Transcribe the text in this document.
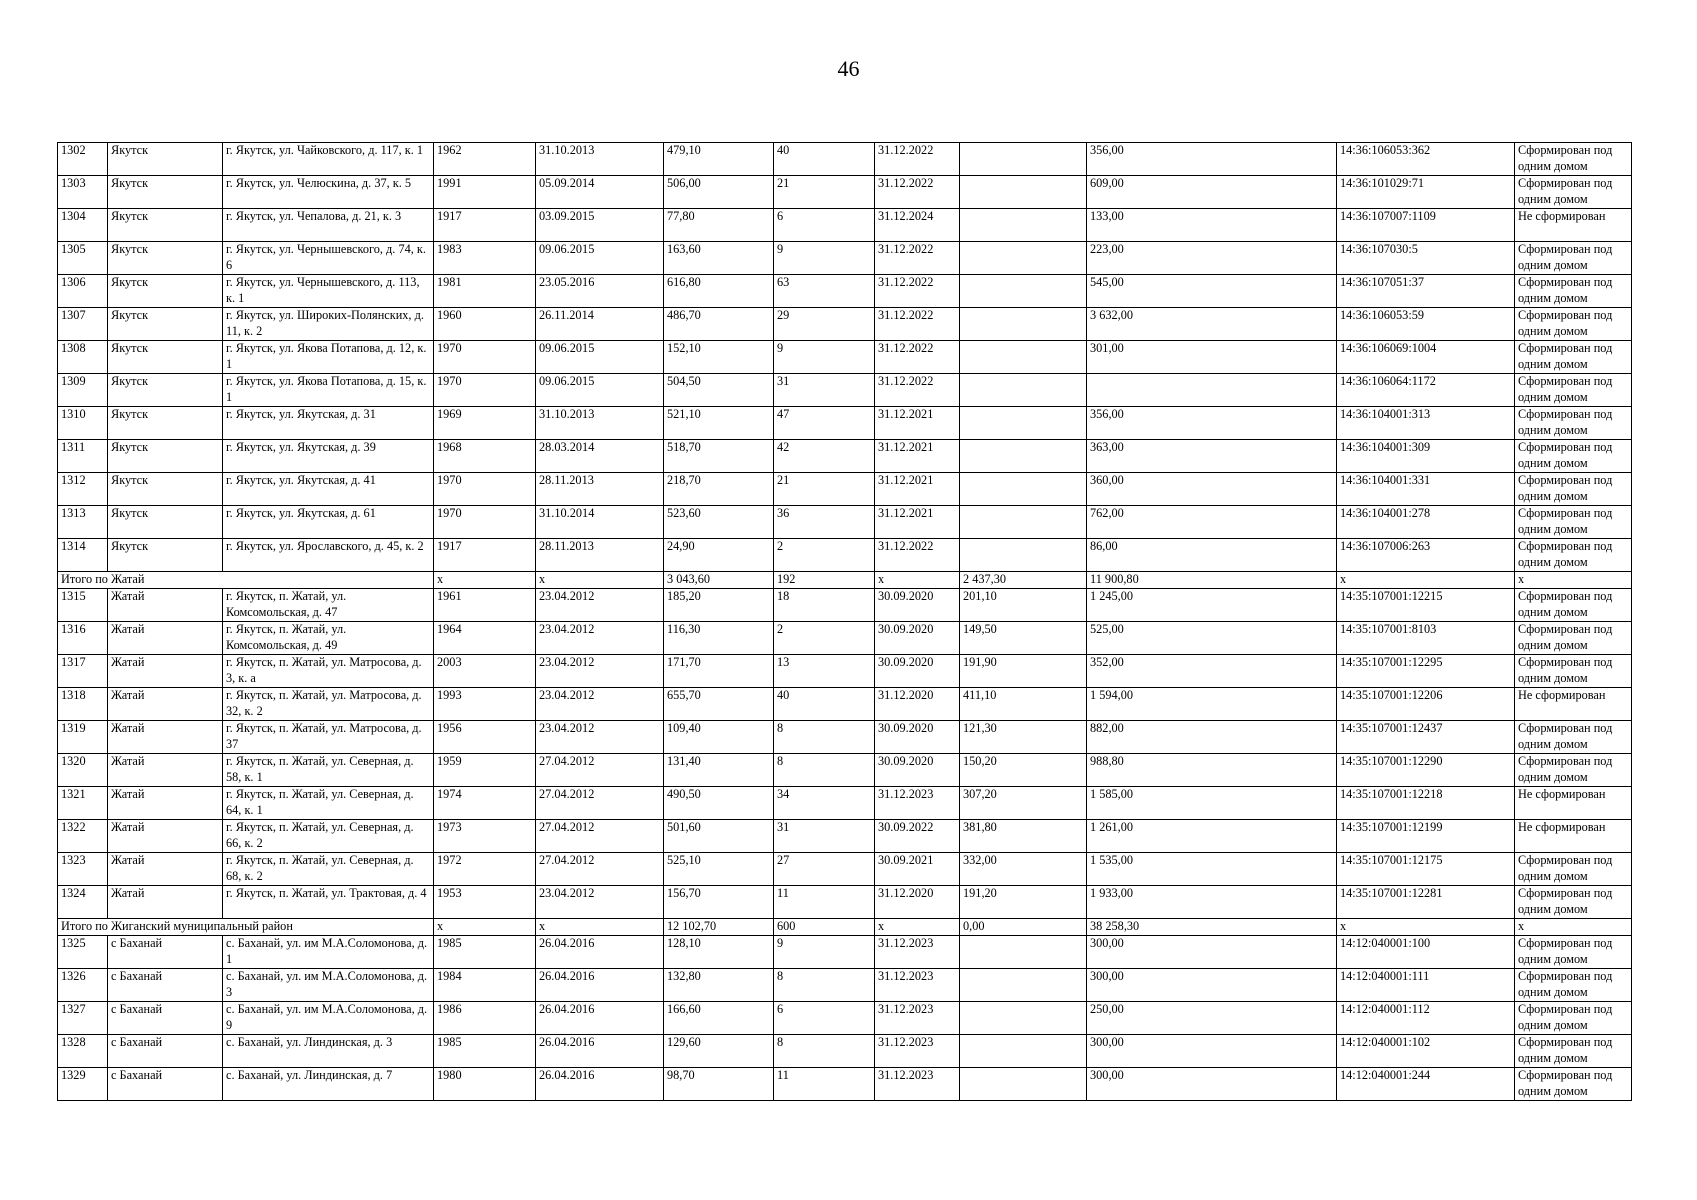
46
1302	Якутск	г. Якутск, ул. Чайковского, д. 117, к. 1	1962	31.10.2013	479,10	40	31.12.2022		356,00	14:36:106053:362	Сформирован под одним домом
1303	Якутск	г. Якутск, ул. Челюскина, д. 37, к. 5	1991	05.09.2014	506,00	21	31.12.2022		609,00	14:36:101029:71	Сформирован под одним домом
1304	Якутск	г. Якутск, ул. Чепалова, д. 21, к. 3	1917	03.09.2015	77,80	6	31.12.2024		133,00	14:36:107007:1109	Не сформирован
1305	Якутск	г. Якутск, ул. Чернышевского, д. 74, к. 6	1983	09.06.2015	163,60	9	31.12.2022		223,00	14:36:107030:5	Сформирован под одним домом
1306	Якутск	г. Якутск, ул. Чернышевского, д. 113, к. 1	1981	23.05.2016	616,80	63	31.12.2022		545,00	14:36:107051:37	Сформирован под одним домом
1307	Якутск	г. Якутск, ул. Широких-Полянских, д. 11, к. 2	1960	26.11.2014	486,70	29	31.12.2022		3 632,00	14:36:106053:59	Сформирован под одним домом
1308	Якутск	г. Якутск, ул. Якова Потапова, д. 12, к. 1	1970	09.06.2015	152,10	9	31.12.2022		301,00	14:36:106069:1004	Сформирован под одним домом
1309	Якутск	г. Якутск, ул. Якова Потапова, д. 15, к. 1	1970	09.06.2015	504,50	31	31.12.2022			14:36:106064:1172	Сформирован под одним домом
1310	Якутск	г. Якутск, ул. Якутская, д. 31	1969	31.10.2013	521,10	47	31.12.2021		356,00	14:36:104001:313	Сформирован под одним домом
1311	Якутск	г. Якутск, ул. Якутская, д. 39	1968	28.03.2014	518,70	42	31.12.2021		363,00	14:36:104001:309	Сформирован под одним домом
1312	Якутск	г. Якутск, ул. Якутская, д. 41	1970	28.11.2013	218,70	21	31.12.2021		360,00	14:36:104001:331	Сформирован под одним домом
1313	Якутск	г. Якутск, ул. Якутская, д. 61	1970	31.10.2014	523,60	36	31.12.2021		762,00	14:36:104001:278	Сформирован под одним домом
1314	Якутск	г. Якутск, ул. Ярославского, д. 45, к. 2	1917	28.11.2013	24,90	2	31.12.2022		86,00	14:36:107006:263	Сформирован под одним домом
Итого по Жатай			х	х	3 043,60	192	х	2 437,30	11 900,80	х	х
1315	Жатай	г. Якутск, п. Жатай, ул. Комсомольская, д. 47	1961	23.04.2012	185,20	18	30.09.2020	201,10	1 245,00	14:35:107001:12215	Сформирован под одним домом
1316	Жатай	г. Якутск, п. Жатай, ул. Комсомольская, д. 49	1964	23.04.2012	116,30	2	30.09.2020	149,50	525,00	14:35:107001:8103	Сформирован под одним домом
1317	Жатай	г. Якутск, п. Жатай, ул. Матросова, д. 3, к. а	2003	23.04.2012	171,70	13	30.09.2020	191,90	352,00	14:35:107001:12295	Сформирован под одним домом
1318	Жатай	г. Якутск, п. Жатай, ул. Матросова, д. 32, к. 2	1993	23.04.2012	655,70	40	31.12.2020	411,10	1 594,00	14:35:107001:12206	Не сформирован
1319	Жатай	г. Якутск, п. Жатай, ул. Матросова, д. 37	1956	23.04.2012	109,40	8	30.09.2020	121,30	882,00	14:35:107001:12437	Сформирован под одним домом
1320	Жатай	г. Якутск, п. Жатай, ул. Северная, д. 58, к. 1	1959	27.04.2012	131,40	8	30.09.2020	150,20	988,80	14:35:107001:12290	Сформирован под одним домом
1321	Жатай	г. Якутск, п. Жатай, ул. Северная, д. 64, к. 1	1974	27.04.2012	490,50	34	31.12.2023	307,20	1 585,00	14:35:107001:12218	Не сформирован
1322	Жатай	г. Якутск, п. Жатай, ул. Северная, д. 66, к. 2	1973	27.04.2012	501,60	31	30.09.2022	381,80	1 261,00	14:35:107001:12199	Не сформирован
1323	Жатай	г. Якутск, п. Жатай, ул. Северная, д. 68, к. 2	1972	27.04.2012	525,10	27	30.09.2021	332,00	1 535,00	14:35:107001:12175	Сформирован под одним домом
1324	Жатай	г. Якутск, п. Жатай, ул. Трактовая, д. 4	1953	23.04.2012	156,70	11	31.12.2020	191,20	1 933,00	14:35:107001:12281	Сформирован под одним домом
Итого по Жиганский муниципальный район			х	х	12 102,70	600	х	0,00	38 258,30	х	х
1325	с Баханай	с. Баханай, ул. им М.А.Соломонова, д. 1	1985	26.04.2016	128,10	9	31.12.2023		300,00	14:12:040001:100	Сформирован под одним домом
1326	с Баханай	с. Баханай, ул. им М.А.Соломонова, д. 3	1984	26.04.2016	132,80	8	31.12.2023		300,00	14:12:040001:111	Сформирован под одним домом
1327	с Баханай	с. Баханай, ул. им М.А.Соломонова, д. 9	1986	26.04.2016	166,60	6	31.12.2023		250,00	14:12:040001:112	Сформирован под одним домом
1328	с Баханай	с. Баханай, ул. Линдинская, д. 3	1985	26.04.2016	129,60	8	31.12.2023		300,00	14:12:040001:102	Сформирован под одним домом
1329	с Баханай	с. Баханай, ул. Линдинская, д. 7	1980	26.04.2016	98,70	11	31.12.2023		300,00	14:12:040001:244	Сформирован под одним домом
